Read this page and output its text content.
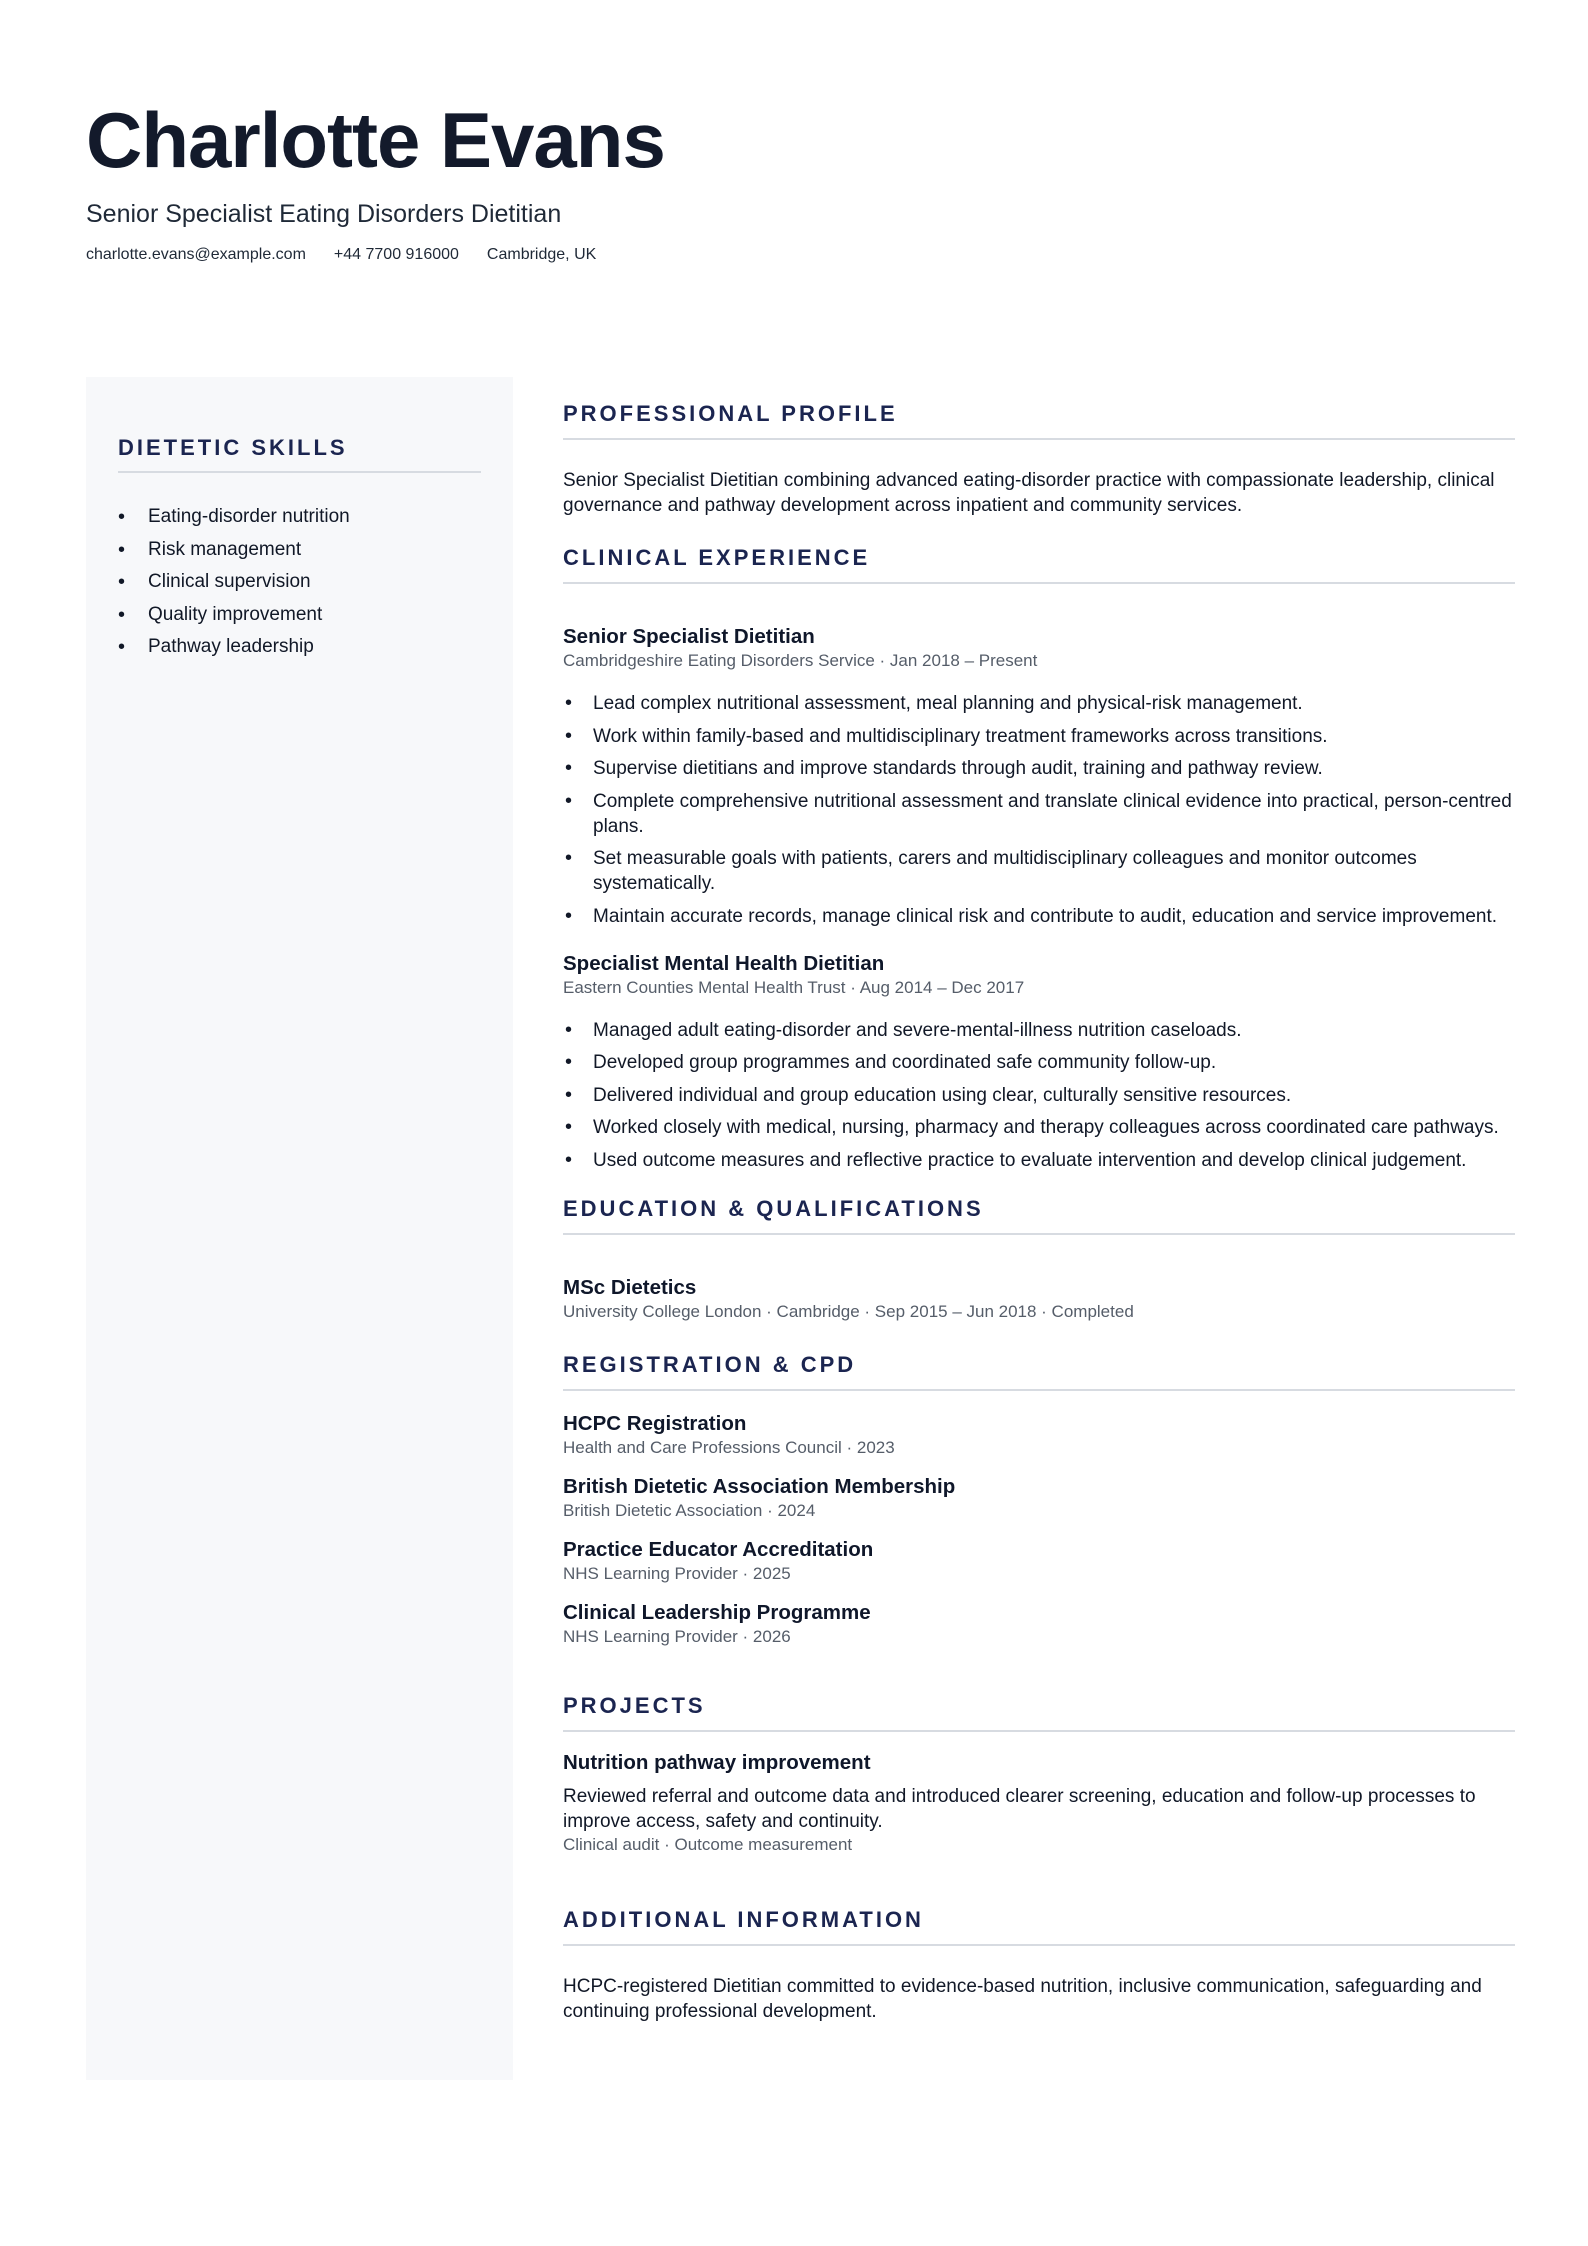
Charlotte Evans
Senior Specialist Eating Disorders Dietitian
charlotte.evans@example.com +44 7700 916000 Cambridge, UK
DIETETIC SKILLS
• Eating-disorder nutrition
• Risk management
• Clinical supervision
• Quality improvement
• Pathway leadership
PROFESSIONAL PROFILE

Senior Specialist Dietitian combining advanced eating-disorder practice with compassionate leadership, clinical governance and pathway development across inpatient and community services.

CLINICAL EXPERIENCE
Senior Specialist Dietitian
Cambridgeshire Eating Disorders Service · Jan 2018 – Present
• Lead complex nutritional assessment, meal planning and physical-risk management.
• Work within family-based and multidisciplinary treatment frameworks across transitions.
• Supervise dietitians and improve standards through audit, training and pathway review.
• Complete comprehensive nutritional assessment and translate clinical evidence into practical, person-centred plans.
• Set measurable goals with patients, carers and multidisciplinary colleagues and monitor outcomes systematically.
• Maintain accurate records, manage clinical risk and contribute to audit, education and service improvement.
Specialist Mental Health Dietitian
Eastern Counties Mental Health Trust · Aug 2014 – Dec 2017
• Managed adult eating-disorder and severe-mental-illness nutrition caseloads.
• Developed group programmes and coordinated safe community follow-up.
• Delivered individual and group education using clear, culturally sensitive resources.
• Worked closely with medical, nursing, pharmacy and therapy colleagues across coordinated care pathways.
• Used outcome measures and reflective practice to evaluate intervention and develop clinical judgement.
EDUCATION & QUALIFICATIONS
MSc Dietetics
University College London · Cambridge · Sep 2015 – Jun 2018 · Completed
REGISTRATION & CPD
HCPC Registration
Health and Care Professions Council · 2023
British Dietetic Association Membership
British Dietetic Association · 2024
Practice Educator Accreditation
NHS Learning Provider · 2025
Clinical Leadership Programme
NHS Learning Provider · 2026
PROJECTS
Nutrition pathway improvement

Reviewed referral and outcome data and introduced clearer screening, education and follow-up processes to improve access, safety and continuity.

Clinical audit · Outcome measurement
ADDITIONAL INFORMATION

HCPC-registered Dietitian committed to evidence-based nutrition, inclusive communication, safeguarding and continuing professional development.
